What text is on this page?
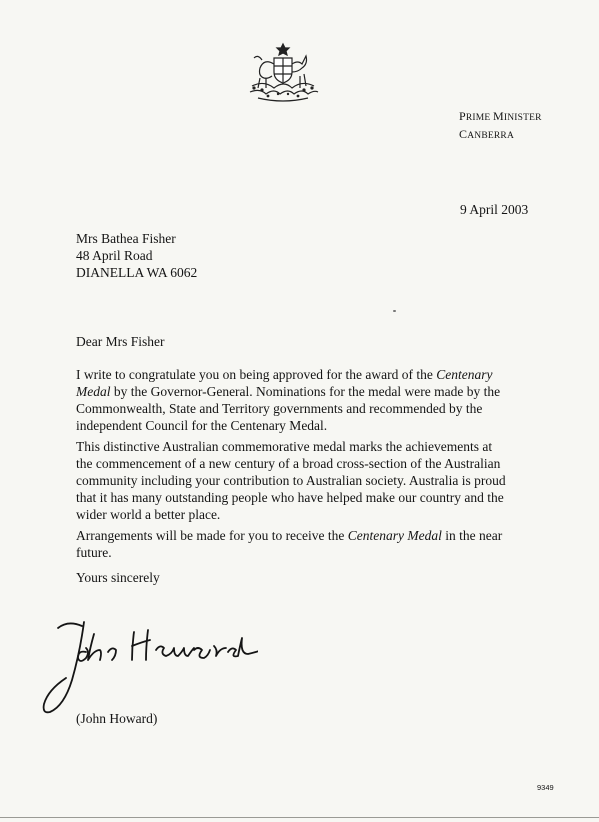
PRIME MINISTER
CANBERRA
9 April 2003
Mrs Bathea Fisher
48 April Road
DIANELLA WA 6062
Dear Mrs Fisher

I write to congratulate you on being approved for the award of the Centenary Medal by the Governor-General. Nominations for the medal were made by the Commonwealth, State and Territory governments and recommended by the independent Council for the Centenary Medal.

This distinctive Australian commemorative medal marks the achievements at the commencement of a new century of a broad cross-section of the Australian community including your contribution to Australian society. Australia is proud that it has many outstanding people who have helped make our country and the wider world a better place.

Arrangements will be made for you to receive the Centenary Medal in the near future.

Yours sincerely
(John Howard)
9349
